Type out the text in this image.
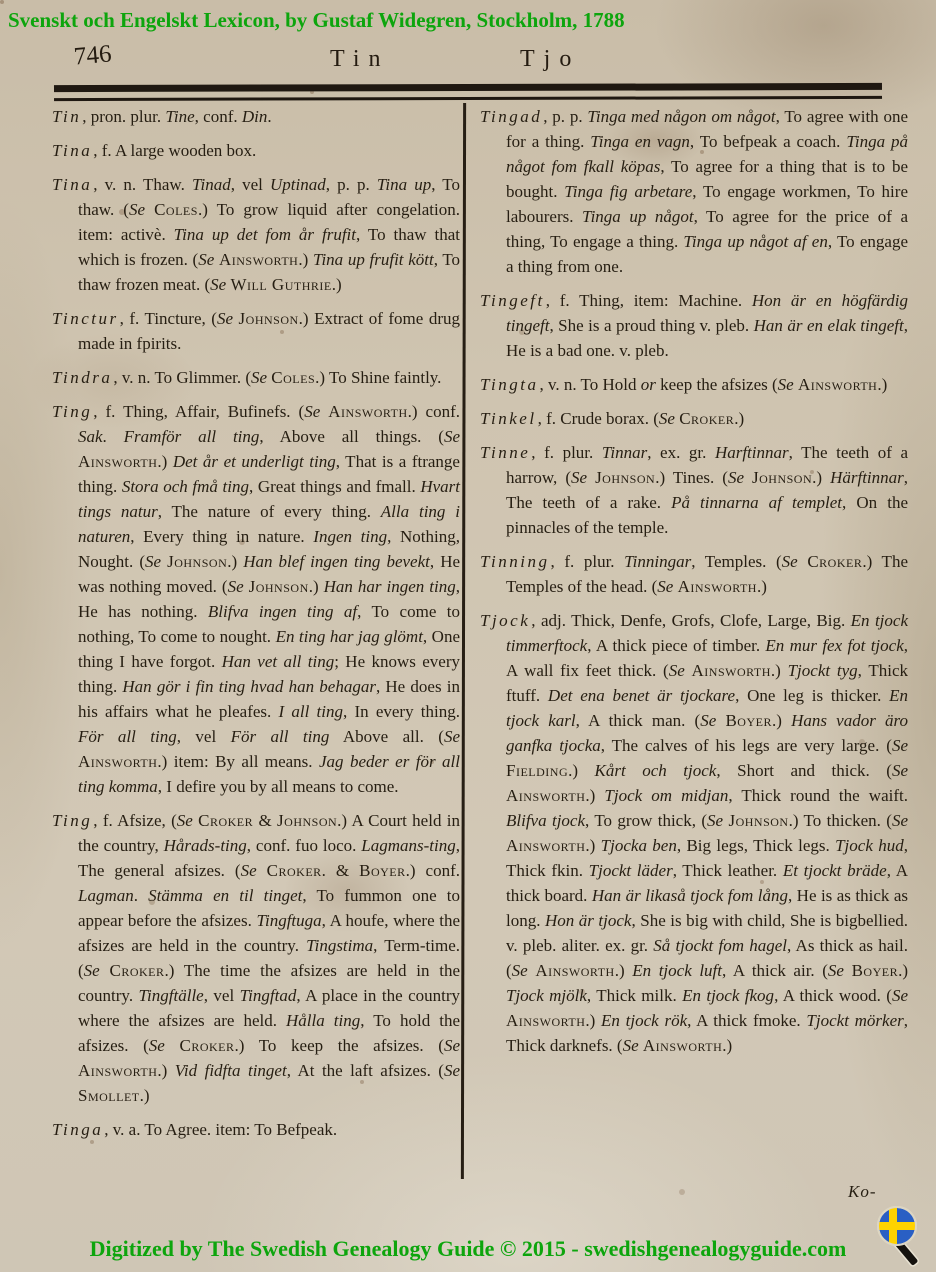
Svenskt och Engelskt Lexicon, by Gustaf Widegren, Stockholm, 1788
746	Tin	Tjo

Tin, pron. plur. Tine, conf. Din.

Tina, f. A large wooden box.

Tina, v. n. Thaw. Tinad, vel Uptinad, p. p. Tina up, To thaw. (Se Coles.) To grow liquid after congelation. item: activè. Tina up det fom år frufit, To thaw that which is frozen. (Se Ainsworth.) Tina up frufit kött, To thaw frozen meat. (Se Will Guthrie.)

Tinctur, f. Tincture, (Se Johnson.) Extract of fome drug made in fpirits.

Tindra, v. n. To Glimmer. (Se Coles.) To Shine faintly.

Ting, f. Thing, Affair, Bufinefs. (Se Ainsworth.) conf. Sak. Framför all ting, Above all things. (Se Ainsworth.) Det år et underligt ting, That is a ftrange thing. Stora och fmå ting, Great things and fmall. Hvart tings natur, The nature of every thing. Alla ting i naturen, Every thing in nature. Ingen ting, Nothing, Nought. (Se Johnson.) Han blef ingen ting bevekt, He was nothing moved. (Se Johnson.) Han har ingen ting, He has nothing. Blifva ingen ting af, To come to nothing, To come to nought. En ting har jag glömt, One thing I have forgot. Han vet all ting; He knows every thing. Han gör i fin ting hvad han behagar, He does in his affairs what he pleafes. I all ting, In every thing. För all ting, vel För all ting Above all. (Se Ainsworth.) item: By all means. Jag beder er för all ting komma, I defire you by all means to come.

Ting, f. Afsize, (Se Croker & Johnson.) A Court held in the country, Hårads-ting, conf. fuo loco. Lagmans-ting, The general afsizes. (Se Croker. & Boyer.) conf. Lagman. Stämma en til tinget, To fummon one to appear before the afsizes. Tingftuga, A houfe, where the afsizes are held in the country. Tingstima, Term-time. (Se Croker.) The time the afsizes are held in the country. Tingftälle, vel Tingftad, A place in the country where the afsizes are held. Hålla ting, To hold the afsizes. (Se Croker.) To keep the afsizes. (Se Ainsworth.) Vid fidfta tinget, At the laft afsizes. (Se Smollet.)

Tinga, v. a. To Agree. item: To Befpeak.

Tingad, p. p. Tinga med någon om något, To agree with one for a thing. Tinga en vagn, To befpeak a coach. Tinga på något fom fkall köpas, To agree for a thing that is to be bought. Tinga fig arbetare, To engage workmen, To hire labourers. Tinga up något, To agree for the price of a thing, To engage a thing. Tinga up något af en, To engage a thing from one.

Tingeft, f. Thing, item: Machine. Hon är en högfärdig tingeft, She is a proud thing v. pleb. Han är en elak tingeft, He is a bad one. v. pleb.

Tingta, v. n. To Hold or keep the afsizes (Se Ainsworth.)

Tinkel, f. Crude borax. (Se Croker.)

Tinne, f. plur. Tinnar, ex. gr. Harftinnar, The teeth of a harrow, (Se Johnson.) Tines. (Se Johnson.) Härftinnar, The teeth of a rake. På tinnarna af templet, On the pinnacles of the temple.

Tinning, f. plur. Tinningar, Temples. (Se Croker.) The Temples of the head. (Se Ainsworth.)

Tjock, adj. Thick, Denfe, Grofs, Clofe, Large, Big. En tjock timmerftock, A thick piece of timber. En mur fex fot tjock, A wall fix feet thick. (Se Ainsworth.) Tjockt tyg, Thick ftuff. Det ena benet är tjockare, One leg is thicker. En tjock karl, A thick man. (Se Boyer.) Hans vador äro ganfka tjocka, The calves of his legs are very large. (Se Fielding.) Kårt och tjock, Short and thick. (Se Ainsworth.) Tjock om midjan, Thick round the waift. Blifva tjock, To grow thick, (Se Johnson.) To thicken. (Se Ainsworth.) Tjocka ben, Big legs, Thick legs. Tjock hud, Thick fkin. Tjockt läder, Thick leather. Et tjockt bräde, A thick board. Han är likaså tjock fom lång, He is as thick as long. Hon är tjock, She is big with child, She is bigbellied. v. pleb. aliter. ex. gr. Så tjockt fom hagel, As thick as hail. (Se Ainsworth.) En tjock luft, A thick air. (Se Boyer.) Tjock mjölk, Thick milk. En tjock fkog, A thick wood. (Se Ainsworth.) En tjock rök, A thick fmoke. Tjockt mörker, Thick darknefs. (Se Ainsworth.)

Ko-
Digitized by The Swedish Genealogy Guide © 2015 - swedishgenealogyguide.com
